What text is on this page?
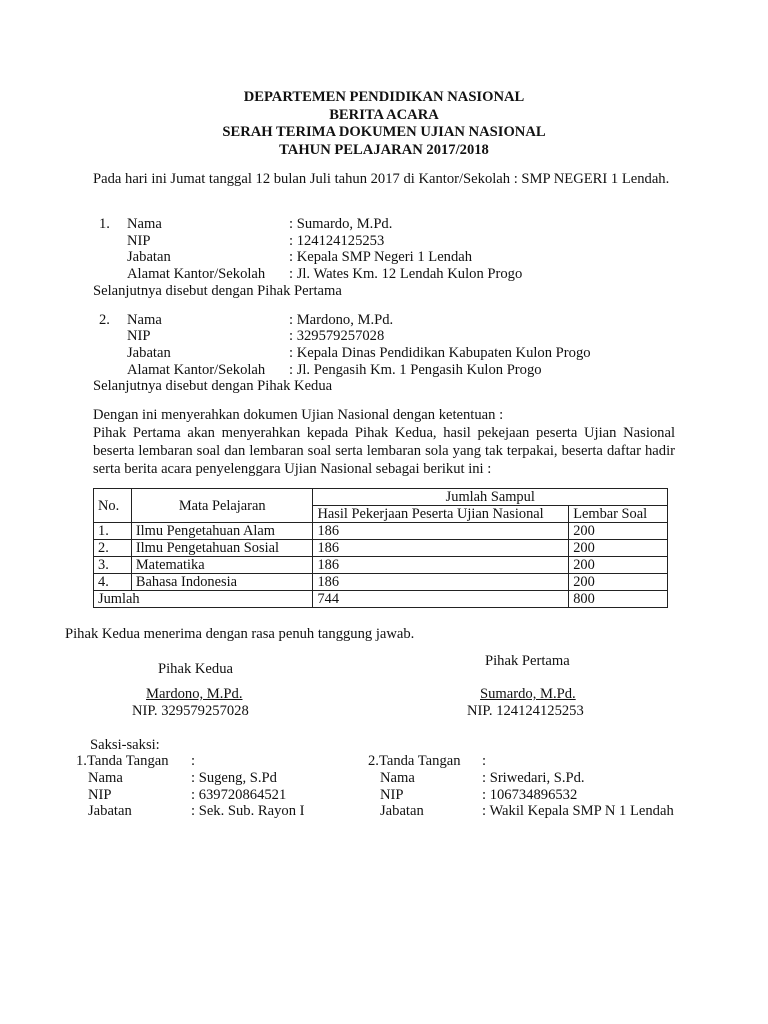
DEPARTEMEN PENDIDIKAN NASIONAL
BERITA ACARA
SERAH TERIMA DOKUMEN UJIAN NASIONAL
TAHUN PELAJARAN 2017/2018
Pada hari ini Jumat tanggal 12 bulan Juli tahun 2017 di Kantor/Sekolah : SMP NEGERI 1 Lendah.
1. Nama	: Sumardo, M.Pd.
NIP	: 124124125253
Jabatan	: Kepala SMP Negeri 1 Lendah
Alamat Kantor/Sekolah : Jl. Wates Km. 12 Lendah Kulon Progo
Selanjutnya disebut dengan Pihak Pertama
2. Nama	: Mardono, M.Pd.
NIP	: 329579257028
Jabatan	: Kepala Dinas Pendidikan Kabupaten Kulon Progo
Alamat Kantor/Sekolah : Jl. Pengasih Km. 1 Pengasih Kulon Progo
Selanjutnya disebut dengan Pihak Kedua
Dengan ini menyerahkan dokumen Ujian Nasional dengan ketentuan :
Pihak Pertama akan menyerahkan kepada Pihak Kedua, hasil pekejaan peserta Ujian Nasional beserta lembaran soal dan lembaran soal serta lembaran sola yang tak terpakai, beserta daftar hadir serta berita acara penyelenggara Ujian Nasional sebagai berikut ini :
No.	Mata Pelajaran	Jumlah Sampul	
		Hasil Pekerjaan Peserta Ujian Nasional	Lembar Soal
1.	Ilmu Pengetahuan Alam	186	200
2.	Ilmu Pengetahuan Sosial	186	200
3.	Matematika	186	200
4.	Bahasa Indonesia	186	200
Jumlah		744	800
Pihak Kedua menerima dengan rasa penuh tanggung jawab.
Pihak Kedua
Mardono, M.Pd.
NIP. 329579257028
Pihak Pertama
Sumardo, M.Pd.
NIP. 124124125253
Saksi-saksi:
1.Tanda Tangan :
Nama	: Sugeng, S.Pd
NIP	: 639720864521
Jabatan	: Sek. Sub. Rayon I
2.Tanda Tangan :
Nama	: Sriwedari, S.Pd.
NIP	: 106734896532
Jabatan	: Wakil Kepala SMP N 1 Lendah
